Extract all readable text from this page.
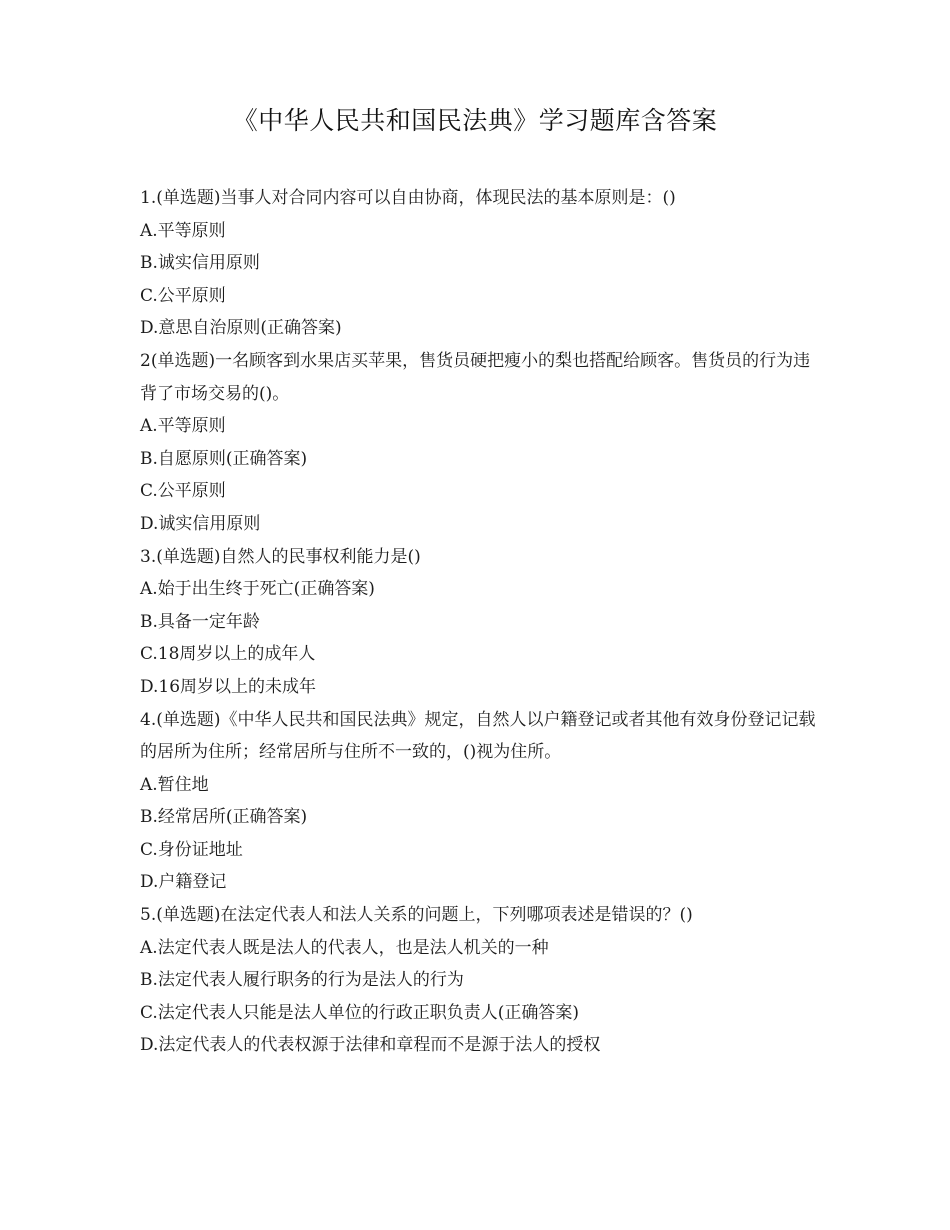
《中华人民共和国民法典》学习题库含答案
1.(单选题)当事人对合同内容可以自由协商，体现民法的基本原则是：()
A.平等原则
B.诚实信用原则
C.公平原则
D.意思自治原则(正确答案)
2(单选题)一名顾客到水果店买苹果，售货员硬把瘦小的梨也搭配给顾客。售货员的行为违背了市场交易的()。
A.平等原则
B.自愿原则(正确答案)
C.公平原则
D.诚实信用原则
3.(单选题)自然人的民事权利能力是()
A.始于出生终于死亡(正确答案)
B.具备一定年龄
C.18周岁以上的成年人
D.16周岁以上的未成年
4.(单选题)《中华人民共和国民法典》规定，自然人以户籍登记或者其他有效身份登记记载的居所为住所；经常居所与住所不一致的，()视为住所。
A.暂住地
B.经常居所(正确答案)
C.身份证地址
D.户籍登记
5.(单选题)在法定代表人和法人关系的问题上，下列哪项表述是错误的？()
A.法定代表人既是法人的代表人，也是法人机关的一种
B.法定代表人履行职务的行为是法人的行为
C.法定代表人只能是法人单位的行政正职负责人(正确答案)
D.法定代表人的代表权源于法律和章程而不是源于法人的授权
